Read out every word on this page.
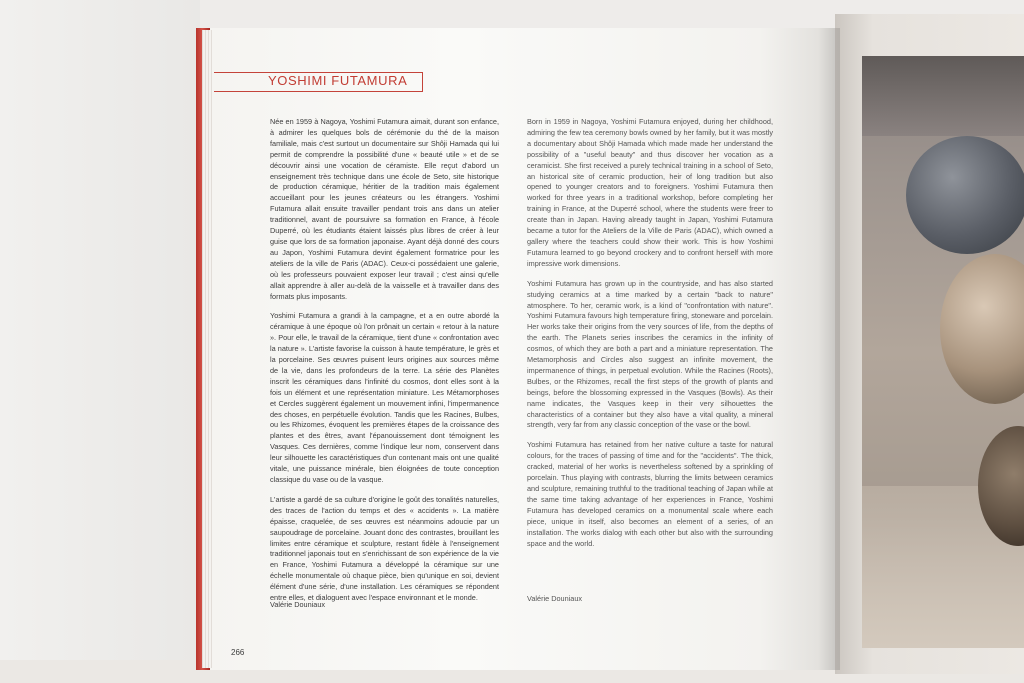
YOSHIMI FUTAMURA

Née en 1959 à Nagoya, Yoshimi Futamura aimait, durant son enfance, à admirer les quelques bols de cérémonie du thé de la maison familiale, mais c'est surtout un documentaire sur Shôji Hamada qui lui permit de comprendre la possibilité d'une « beauté utile » et de se découvrir ainsi une vocation de céramiste. Elle reçut d'abord un enseignement très technique dans une école de Seto, site historique de production céramique, héritier de la tradition mais également accueillant pour les jeunes créateurs ou les étrangers. Yoshimi Futamura allait ensuite travailler pendant trois ans dans un atelier traditionnel, avant de poursuivre sa formation en France, à l'école Duperré, où les étudiants étaient laissés plus libres de créer à leur guise que lors de sa formation japonaise. Ayant déjà donné des cours au Japon, Yoshimi Futamura devint également formatrice pour les ateliers de la ville de Paris (ADAC). Ceux-ci possédaient une galerie, où les professeurs pouvaient exposer leur travail ; c'est ainsi qu'elle allait apprendre à aller au-delà de la vaisselle et à travailler dans des formats plus imposants.

Yoshimi Futamura a grandi à la campagne, et a en outre abordé la céramique à une époque où l'on prônait un certain « retour à la nature ». Pour elle, le travail de la céramique, tient d'une « confrontation avec la nature ». L'artiste favorise la cuisson à haute température, le grès et la porcelaine. Ses œuvres puisent leurs origines aux sources même de la vie, dans les profondeurs de la terre. La série des Planètes inscrit les céramiques dans l'infinité du cosmos, dont elles sont à la fois un élément et une représentation miniature. Les Métamorphoses et Cercles suggèrent également un mouvement infini, l'impermanence des choses, en perpétuelle évolution. Tandis que les Racines, Bulbes, ou les Rhizomes, évoquent les premières étapes de la croissance des plantes et des êtres, avant l'épanouissement dont témoignent les Vasques. Ces dernières, comme l'indique leur nom, conservent dans leur silhouette les caractéristiques d'un contenant mais ont une qualité vitale, une puissance minérale, bien éloignées de toute conception classique du vase ou de la vasque.

L'artiste a gardé de sa culture d'origine le goût des tonalités naturelles, des traces de l'action du temps et des « accidents ». La matière épaisse, craquelée, de ses œuvres est néanmoins adoucie par un saupoudrage de porcelaine. Jouant donc des contrastes, brouillant les limites entre céramique et sculpture, restant fidèle à l'enseignement traditionnel japonais tout en s'enrichissant de son expérience de la vie en France, Yoshimi Futamura a développé la céramique sur une échelle monumentale où chaque pièce, bien qu'unique en soi, devient élément d'une série, d'une installation. Les céramiques se répondent entre elles, et dialoguent avec l'espace environnant et le monde.

Valérie Douniaux

Born in 1959 in Nagoya, Yoshimi Futamura enjoyed, during her childhood, admiring the few tea ceremony bowls owned by her family, but it was mostly a documentary about Shôji Hamada which made made her understand the possibility of a "useful beauty" and thus discover her vocation as a ceramicist. She first received a purely technical training in a school of Seto, an historical site of ceramic production, heir of long tradition but also opened to younger creators and to foreigners. Yoshimi Futamura then worked for three years in a traditional workshop, before completing her training in France, at the Duperré school, where the students were freer to create than in Japan. Having already taught in Japan, Yoshimi Futamura became a tutor for the Ateliers de la Ville de Paris (ADAC), which owned a gallery where the teachers could show their work. This is how Yoshimi Futamura learned to go beyond crockery and to confront herself with more impressive work dimensions.

Yoshimi Futamura has grown up in the countryside, and has also started studying ceramics at a time marked by a certain "back to nature" atmosphere. To her, ceramic work, is a kind of "confrontation with nature". Yoshimi Futamura favours high temperature firing, stoneware and porcelain. Her works take their origins from the very sources of life, from the depths of the earth. The Planets series inscribes the ceramics in the infinity of cosmos, of which they are both a part and a miniature representation. The Metamorphosis and Circles also suggest an infinite movement, the impermanence of things, in perpetual evolution. While the Racines (Roots), Bulbes, or the Rhizomes, recall the first steps of the growth of plants and beings, before the blossoming expressed in the Vasques (Bowls). As their name indicates, the Vasques keep in their very silhouettes the characteristics of a container but they also have a vital quality, a mineral strength, very far from any classic conception of the vase or the bowl.

Yoshimi Futamura has retained from her native culture a taste for natural colours, for the traces of passing of time and for the "accidents". The thick, cracked, material of her works is nevertheless softened by a sprinkling of porcelain. Thus playing with contrasts, blurring the limits between ceramics and sculpture, remaining truthful to the traditional teaching of Japan while at the same time taking advantage of her experiences in France, Yoshimi Futamura has developed ceramics on a monumental scale where each piece, unique in itself, also becomes an element of a series, of an installation. The works dialog with each other but also with the surrounding space and the world.

Valérie Douniaux
266
